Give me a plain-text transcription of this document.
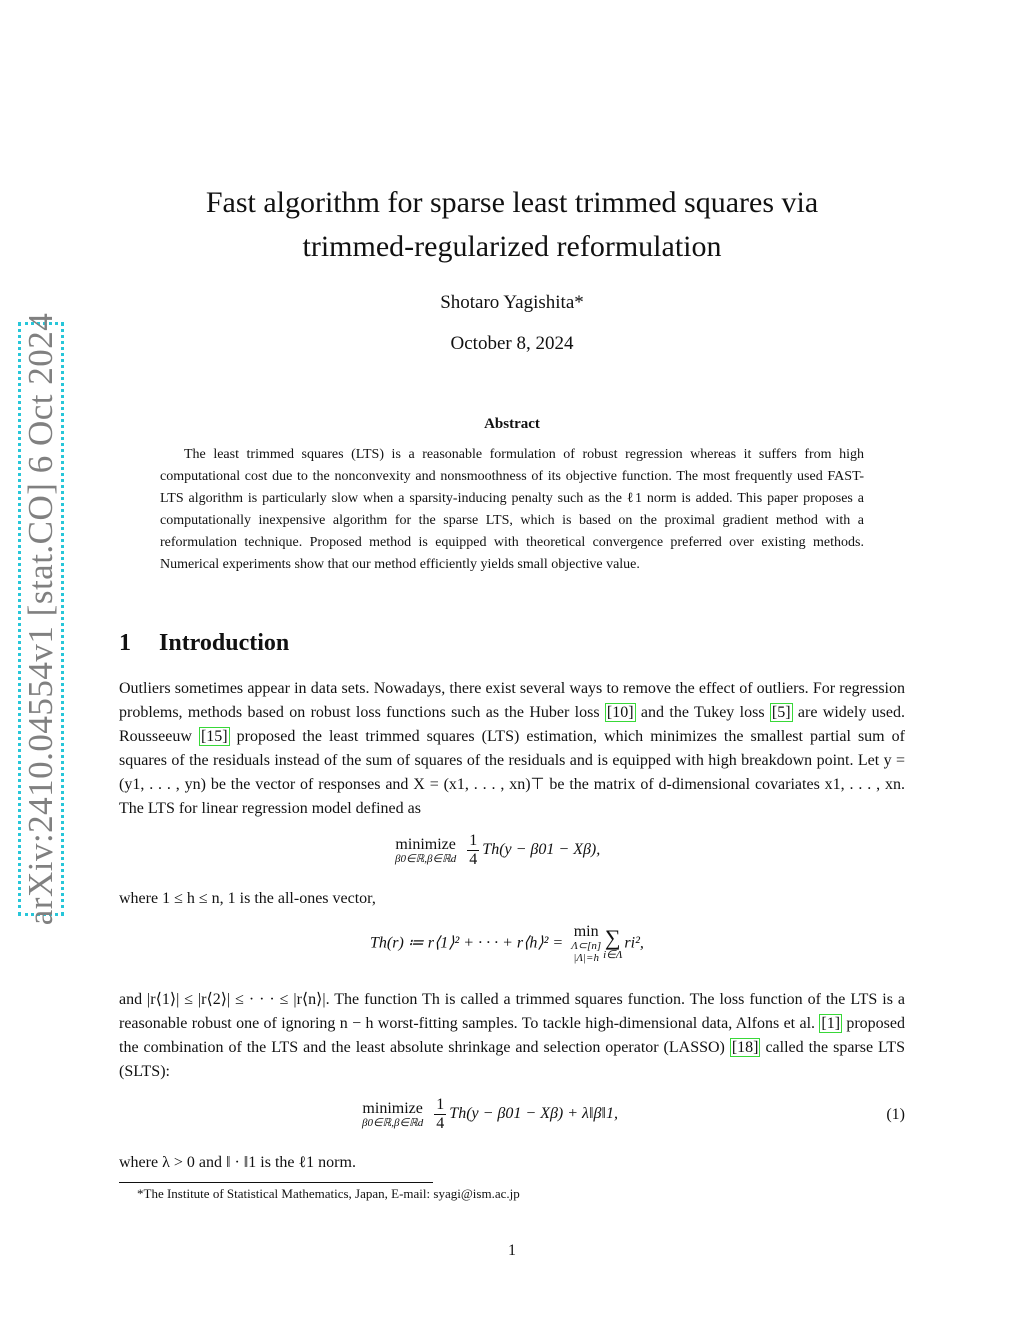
arXiv:2410.04554v1 [stat.CO] 6 Oct 2024
Fast algorithm for sparse least trimmed squares via
trimmed-regularized reformulation
Shotaro Yagishita*
October 8, 2024
Abstract
The least trimmed squares (LTS) is a reasonable formulation of robust regression whereas it suffers from high computational cost due to the nonconvexity and nonsmoothness of its objective function. The most frequently used FAST-LTS algorithm is particularly slow when a sparsity-inducing penalty such as the ℓ1 norm is added. This paper proposes a computationally inexpensive algorithm for the sparse LTS, which is based on the proximal gradient method with a reformulation technique. Proposed method is equipped with theoretical convergence preferred over existing methods. Numerical experiments show that our method efficiently yields small objective value.
1 Introduction

Outliers sometimes appear in data sets. Nowadays, there exist several ways to remove the effect of outliers. For regression problems, methods based on robust loss functions such as the Huber loss [10] and the Tukey loss [5] are widely used. Rousseeuw [15] proposed the least trimmed squares (LTS) estimation, which minimizes the smallest partial sum of squares of the residuals instead of the sum of squares of the residuals and is equipped with high breakdown point. Let y = (y1, . . . , yn) be the vector of responses and X = (x1, . . . , xn)⊤ be the matrix of d-dimensional covariates x1, . . . , xn. The LTS for linear regression model defined as

minimize
β0∈ℝ,β∈ℝd $\frac{1}{4} Th(y - \beta 01 - X\beta)$,
where 1 ≤ h ≤ n, 1 is the all-ones vector,
Th(r) ≔ r⟨1⟩² + · · · + r⟨h⟩² =
min
Λ⊂[n]
|Λ|=h
∑
i∈Λ
ri²,

and |r⟨1⟩| ≤ |r⟨2⟩| ≤ · · · ≤ |r⟨n⟩|. The function Th is called a trimmed squares function. The loss function of the LTS is a reasonable robust one of ignoring n − h worst-fitting samples. To tackle high-dimensional data, Alfons et al. [1] proposed the combination of the LTS and the least absolute shrinkage and selection operator (LASSO) [18] called the sparse LTS (SLTS):

minimize
β0∈ℝ,β∈ℝd $\frac{1}{4} Th(y - \beta 01 - X\beta)$ + λ‖β‖1,	(1)
where λ > 0 and ‖ · ‖1 is the ℓ1 norm.
*The Institute of Statistical Mathematics, Japan, E-mail: syagi@ism.ac.jp
1
